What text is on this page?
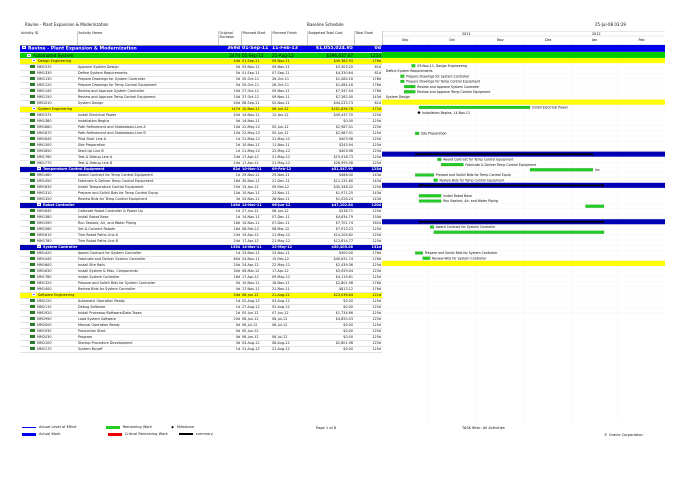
Ravine - Plant Expansion & Modernization	Baseline Schedule	25-Jul-08 03:29
Activity ID	Activity Name	Original Duration	Planned Start	Planned Finish	Budgeted Total Cost	Total Float
Ravine - Plant Expansion & Modernization		369d	01-Sep-11	11-Feb-13	$1,055,024.95	0d
Automated System		247d	01-Sep-11	21-Aug-12	$396,637.67	121d
Design Engineering		44d	01-Sep-11	09-Nov-11	$49,382.93	176d
MM1370	Approve System Design	5d	03-Nov-11	09-Nov-11	$3,303.20	61d
MM1330	Define System Requirements	5d	01-Sep-11	07-Sep-11	$4,330.64	61d
MM1130	Prepare Drawings for System Controller	5d	20-Oct-11	26-Oct-11	$1,084.16	176d
MM1120	Prepare Drawings for Temp Control Equipment	5d	20-Oct-11	26-Oct-11	$1,084.16	176d
MM1140	Review and Approve System Controller	10d	27-Oct-11	09-Nov-11	$7,347.04	176d
MM1150	Review and Approve Temp Control Equipment	10d	27-Oct-11	09-Nov-11	$7,262.00	143d
MM1010	System Design	40d	08-Sep-11	02-Nov-11	$44,233.73	61d
System Engineering		147d	10-Nov-11	06-Jun-12	$201,836.78	172d
MM1375	Install Electrical Power	43d	14-Nov-11	12-Jan-12	$49,437.70	125d
MM1380	Installation Begins	0d	14-Nov-11		$0.00	125d
MM1860	Path Refinement and Shakedown-Line A	10d	22-May-12	05-Jun-12	$2,987.01	125d
MM1870	Path Refinement and Shakedown-Line B	10d	22-May-12	05-Jun-12	$2,987.01	125d
MM1840	Pilot Start Line A	1d	21-May-12	21-May-12	$403.98	125d
MM1300	Site Preparation	2d	10-Nov-11	11-Nov-11	$243.94	125d
MM1850	Start-Up Line B	1d	21-May-12	22-May-12	$403.98	125d
MM1760	Test & Debug Line A	24d	17-Apr-12	21-May-12	$19,418.73	125d
MM1770	Test & Debug Line B	24d	17-Apr-12	21-May-12	$26,995.58	125d
Temperature Control Equipment		62d	10-Nov-11	09-Feb-12	$51,547.99	125d
MM1460	Award Contract for Temp Control Equipment	1d	29-Nov-11	29-Nov-11	$466.00	143d
MM1450	Fabricate & Deliver Temp Control Equipment	16d	30-Nov-11	21-Dec-11	$11,131.60	143d
MM1630	Install Temperature Control Equipment	25d	13-Jan-12	09-Feb-12	$30,348.32	125d
MM1310	Prepare and Solicit Bids for Temp Control Equip	10d	10-Nov-11	23-Nov-11	$1,971.25	143d
MM1320	Review Bids for Temp Control Equipment	3d	24-Nov-11	28-Nov-11	$1,028.24	143d
Robot Controller		149d	14-Nov-11	06-Jun-12	$47,102.84	120d
MM1640	Calibrate Robot Controller & Power Up	1d	27-Jun-12	06-Jun-12	$238.71	125d
MM1380	Install Robot Base	1d	14-Nov-11	07-Dec-11	$4,634.79	150d
MM1390	Run Sealant, Air, and Water Piping	18d	14-Nov-11	07-Dec-11	$7,701.74	162d
MM1560	Set & Connect Robots	18d	08-Feb-12	08-Mar-12	$7,913.23	125d
MM1610	Trim Robot Paths Line A	24d	19-Apr-12	21-May-12	$14,209.82	125d
MM1780	Trim Robot Paths Line B	24d	17-Apr-12	21-May-12	$12,814.77	125d
System Controller		135d	14-Nov-11	22-May-12	$50,405.08	131d
MM1420	Award Contract for System Controller	1d	23-Nov-11	23-Nov-11	$300.00	176d
MM1440	Fabricate and Deliver System Controller	60d	24-Nov-11	15-Feb-12	$40,631.74	176d
MM1600	Install Site Rails	20d	24-Apr-12	22-May-12	$2,439.36	125d
MM1630	Install System & Misc. Components	30d	06-Mar-12	17-Apr-12	$5,059.04	125d
MM1780	Install System Controller	16d	17-Apr-12	09-May-12	$4,119.61	125d
MM1320	Prepare and Solicit Bids for System Controller	5d	10-Nov-11	16-Nov-11	$2,801.98	176d
MM1400	Review Bids for System Controller	4d	17-Nov-11	21-Nov-11	$813.12	176d
Software Engineering		54d	06-Jun-12	21-Aug-12	$23,036.64	121d
MM2120	Automatic Operation Ready	1d	02-Aug-12	03-Aug-12	$0.00	125d
MM2110	Debug Software	1d	27-Aug-12	02-Aug-12	$0.00	125d
MM1920	Install Processor/Software/Data Tapes	2d	05-Jun-12	07-Jun-12	$1,734.66	125d
MM1990	Load System Software	20d	06-Jun-12	06-Jul-12	$4,850.03	125d
MM2000	Manual Operation Ready	0d	06-Jul-12	06-Jul-12	$0.00	125d
MM1930	Production Start	0d	05-Jun-12		$0.00	125d
MM2030	Program	0d	06-Jun-12	06-Jul-12	$0.00	125d
MM2100	Startup Procedure Development	3d	03-Aug-12	08-Aug-12	$2,801.98	125d
MM2170	System Buyoff	1d	21-Aug-12	21-Aug-12	$0.00	125d
2011	2012
Sep	Oct	Nov	Dec	Jan	Feb
09-Nov-11, Design Engineering
Define System Requirements
Prepare Drawings for System Controller
Prepare Drawings for Temp Control Equipment
Review and Approve System Controller
Review and Approve Temp Control Equipment
System Design
Install Electrical Power
Installation Begins, 14-Nov-11
Site Preparation
Award Contract for Temp Control Equipment
Fabricate & Deliver Temp Control Equipment
Ins
Prepare and Solicit Bids for Temp Control Equip
Review Bids for Temp Control Equipment
Install Robot Base
Run Sealant, Air, and Water Piping
Award Contract for System Controller
Prepare and Solicit Bids for System Controller
Review Bids for System Controller
Actual Level of Effort	Remaining Work	◆ Milestone
Actual Work	Critical Remaining Work	summary
Page 1 of 8	TASK filter: All Activities
© Oracle Corporation
